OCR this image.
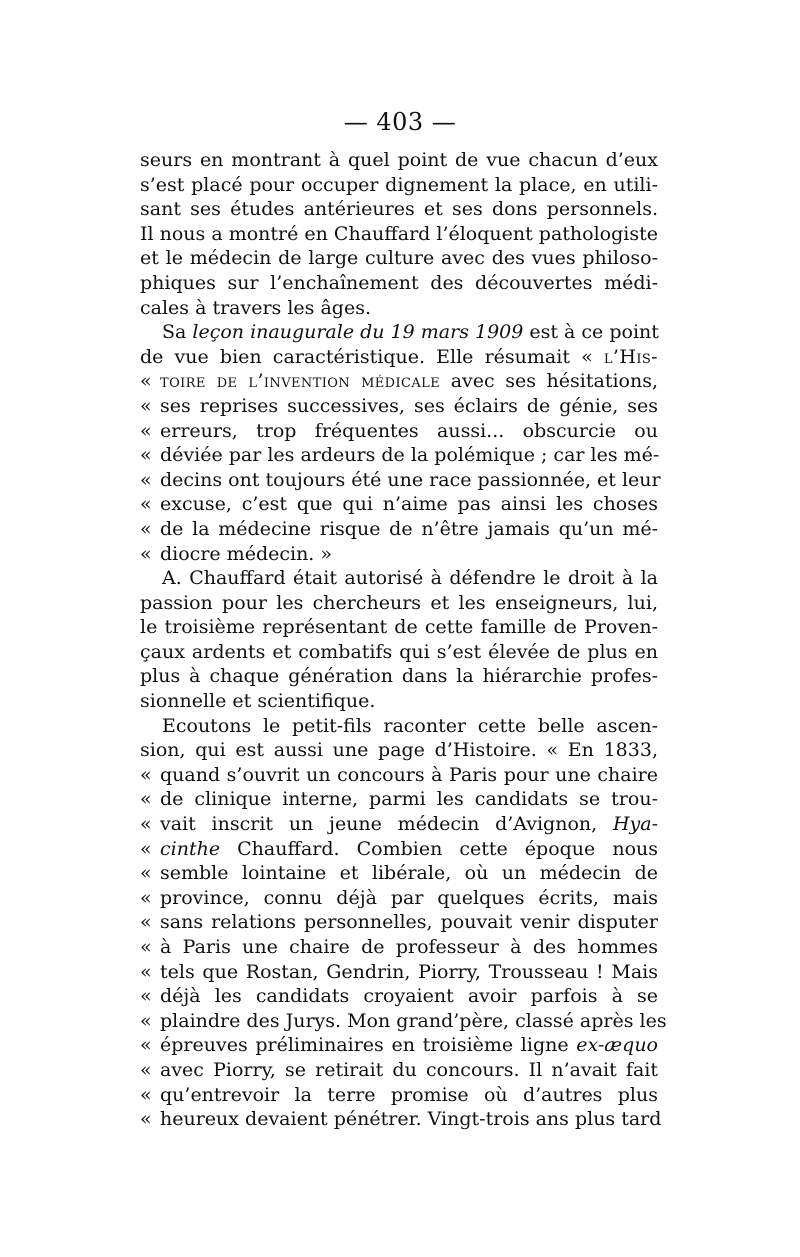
— 403 —
seurs en montrant à quel point de vue chacun d’eux
s’est placé pour occuper dignement la place, en utili-
sant ses études antérieures et ses dons personnels.
Il nous a montré en Chauffard l’éloquent pathologiste
et le médecin de large culture avec des vues philoso-
phiques sur l’enchaînement des découvertes médi-
cales à travers les âges.
Sa leçon inaugurale du 19 mars 1909 est à ce point
de vue bien caractéristique. Elle résumait « l’His-
« toire de l’invention médicale avec ses hésitations,
« ses reprises successives, ses éclairs de génie, ses
« erreurs, trop fréquentes aussi... obscurcie ou
« déviée par les ardeurs de la polémique ; car les mé-
« decins ont toujours été une race passionnée, et leur
« excuse, c’est que qui n’aime pas ainsi les choses
« de la médecine risque de n’être jamais qu’un mé-
« diocre médecin. »
A. Chauffard était autorisé à défendre le droit à la
passion pour les chercheurs et les enseigneurs, lui,
le troisième représentant de cette famille de Proven-
çaux ardents et combatifs qui s’est élevée de plus en
plus à chaque génération dans la hiérarchie profes-
sionnelle et scientifique.
Ecoutons le petit-fils raconter cette belle ascen-
sion, qui est aussi une page d’Histoire. « En 1833,
« quand s’ouvrit un concours à Paris pour une chaire
« de clinique interne, parmi les candidats se trou-
« vait inscrit un jeune médecin d’Avignon, Hya-
« cinthe Chauffard. Combien cette époque nous
« semble lointaine et libérale, où un médecin de
« province, connu déjà par quelques écrits, mais
« sans relations personnelles, pouvait venir disputer
« à Paris une chaire de professeur à des hommes
« tels que Rostan, Gendrin, Piorry, Trousseau ! Mais
« déjà les candidats croyaient avoir parfois à se
« plaindre des Jurys. Mon grand’père, classé après les
« épreuves préliminaires en troisième ligne ex-æquo
« avec Piorry, se retirait du concours. Il n’avait fait
« qu’entrevoir la terre promise où d’autres plus
« heureux devaient pénétrer. Vingt-trois ans plus tard
